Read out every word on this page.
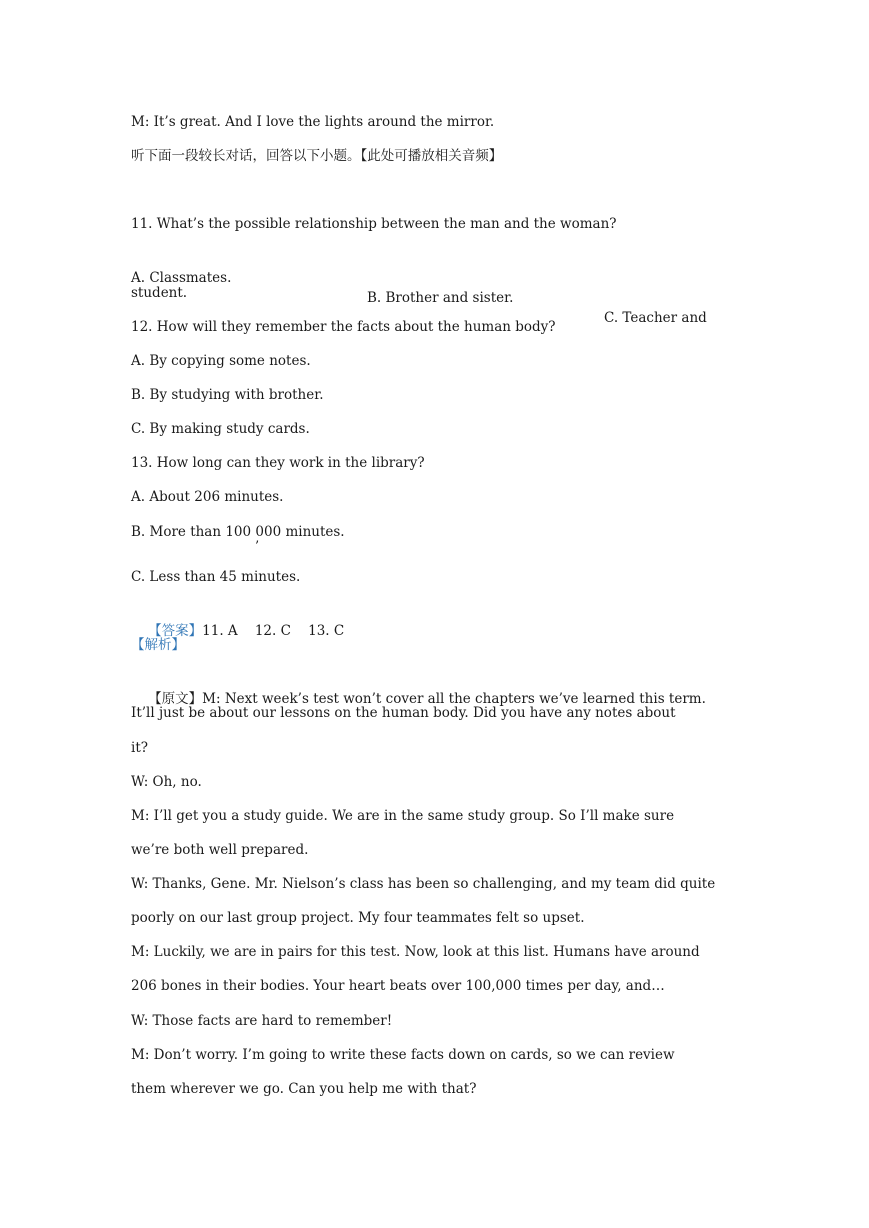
M: It’s great. And I love the lights around the mirror.
听下面一段较长对话，回答以下小题。【此处可播放相关音频】
11. What’s the possible relationship between the man and the woman?

A. Classmates.

B. Brother and sister.

C. Teacher and

student.
12. How will they remember the facts about the human body?
A. By copying some notes.
B. By studying with brother.
C. By making study cards.
13. How long can they work in the library?
A. About 206 minutes.
B. More than 100 000 minutes.
’
C. Less than 45 minutes.

【答案】11. A    12. C    13. C

【解析】

【原文】M: Next week’s test won’t cover all the chapters we’ve learned this term.

It’ll just be about our lessons on the human body. Did you have any notes about
it?
W: Oh, no.
M: I’ll get you a study guide. We are in the same study group. So I’ll make sure
we’re both well prepared.
W: Thanks, Gene. Mr. Nielson’s class has been so challenging, and my team did quite
poorly on our last group project. My four teammates felt so upset.
M: Luckily, we are in pairs for this test. Now, look at this list. Humans have around
206 bones in their bodies. Your heart beats over 100,000 times per day, and…
W: Those facts are hard to remember!
M: Don’t worry. I’m going to write these facts down on cards, so we can review
them wherever we go. Can you help me with that?
